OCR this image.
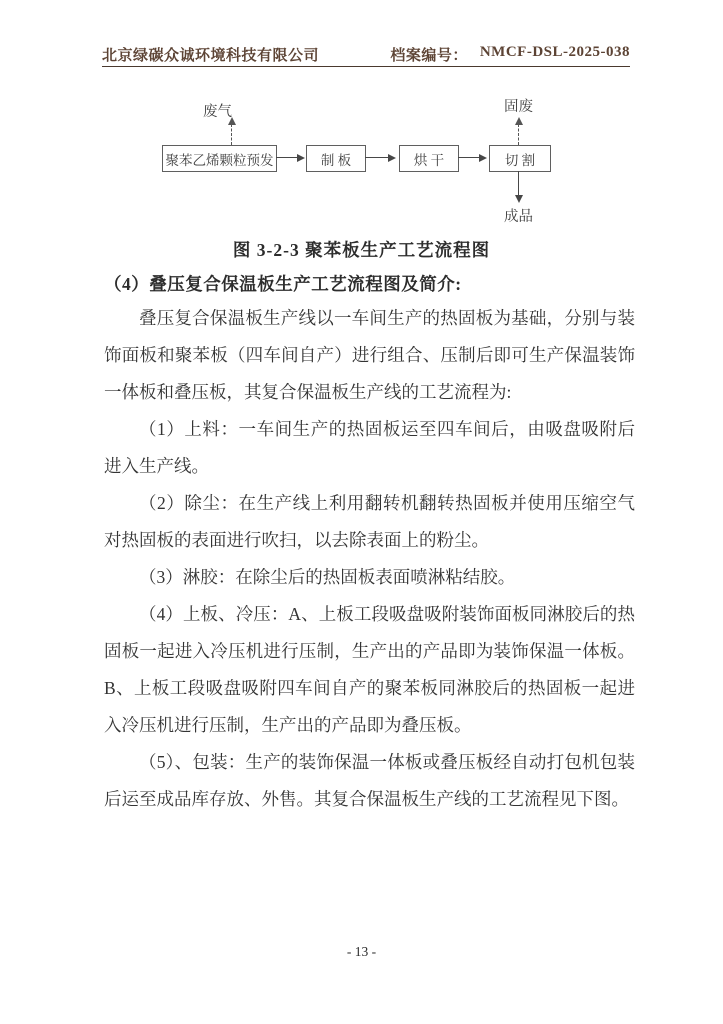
北京绿碳众诚环境科技有限公司	档案编号： NMCF-DSL-2025-038
废气
聚苯乙烯颗粒预发	制 板	烘 干	切 割
固废
成品
图 3-2-3 聚苯板生产工艺流程图
（4）叠压复合保温板生产工艺流程图及简介:

叠压复合保温板生产线以一车间生产的热固板为基础，分别与装饰面板和聚苯板（四车间自产）进行组合、压制后即可生产保温装饰一体板和叠压板，其复合保温板生产线的工艺流程为:

（1）上料：一车间生产的热固板运至四车间后，由吸盘吸附后进入生产线。

（2）除尘：在生产线上利用翻转机翻转热固板并使用压缩空气对热固板的表面进行吹扫，以去除表面上的粉尘。

（3）淋胶：在除尘后的热固板表面喷淋粘结胶。

（4）上板、冷压：A、上板工段吸盘吸附装饰面板同淋胶后的热固板一起进入冷压机进行压制，生产出的产品即为装饰保温一体板。B、上板工段吸盘吸附四车间自产的聚苯板同淋胶后的热固板一起进入冷压机进行压制，生产出的产品即为叠压板。

（5）、包装：生产的装饰保温一体板或叠压板经自动打包机包装后运至成品库存放、外售。其复合保温板生产线的工艺流程见下图。

- 13 -
